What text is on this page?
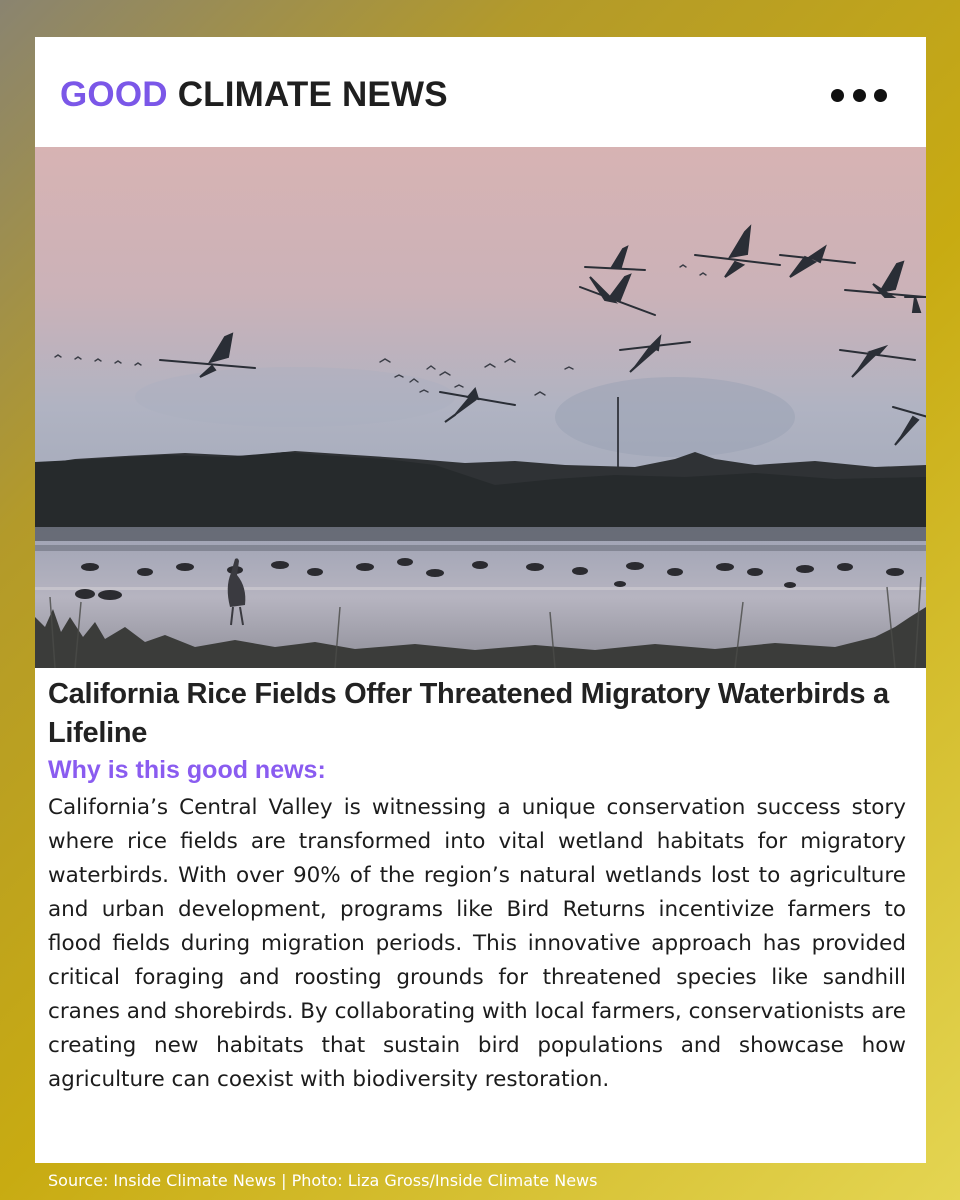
GOOD CLIMATE NEWS
California Rice Fields Offer Threatened Migratory Waterbirds a Lifeline
Why is this good news:

California’s Central Valley is witnessing a unique conservation success story where rice fields are transformed into vital wetland habitats for migratory waterbirds. With over 90% of the region’s natural wetlands lost to agriculture and urban development, programs like Bird Returns incentivize farmers to flood fields during migration periods. This innovative approach has provided critical foraging and roosting grounds for threatened species like sandhill cranes and shorebirds. By collaborating with local farmers, conservationists are creating new habitats that sustain bird populations and showcase how agriculture can coexist with biodiversity restoration.

Source: Inside Climate News | Photo: Liza Gross/Inside Climate News
